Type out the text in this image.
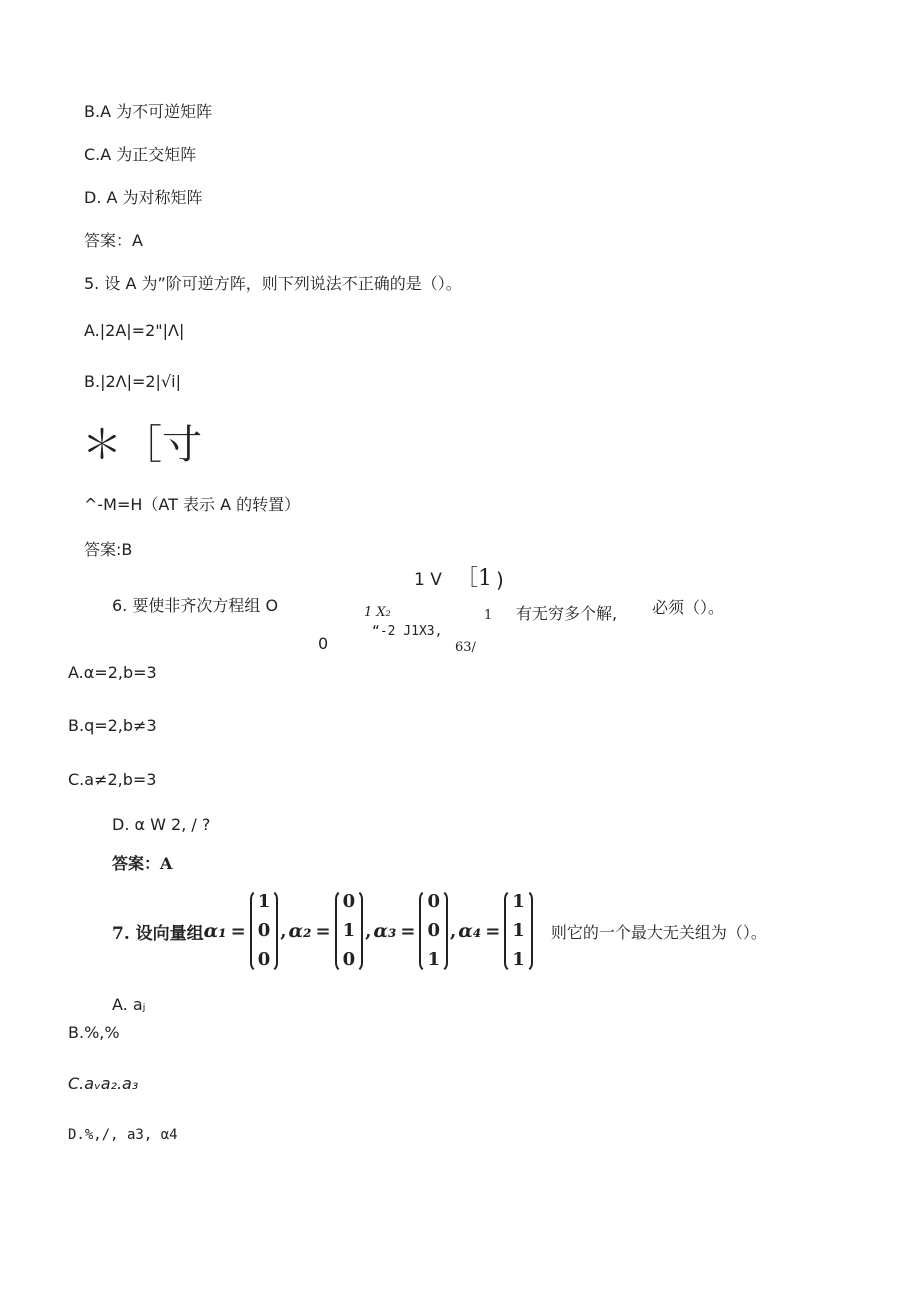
B.A 为不可逆矩阵
C.A 为正交矩阵
D. A 为对称矩阵
答案：A
5. 设 A 为”阶可逆方阵，则下列说法不正确的是（）。
A.|2A|=2"|Λ|
B.|2Λ|=2|√i|
＊［寸
^-M=H（AT 表示 A 的转置）
答案:B
1 V ［1 )
6. 要使非齐次方程组 O	1 X₂	1 有无穷多个解, 必须（）。
“-2 J1X3,
0	63/
A.α=2,b=3
B.q=2,b≠3
C.a≠2,b=3
D. α W 2, / ?
答案：A
7. 设向量组 α₁ =
1
0
0
, α₂ =
0
1
0
, α₃ =
0
0
1
, α₄ =
1
1
1
则它的一个最大无关组为（）。
A. aⱼ
B.%,%
C.aᵥa₂.a₃
D.%,/, a3, α4
